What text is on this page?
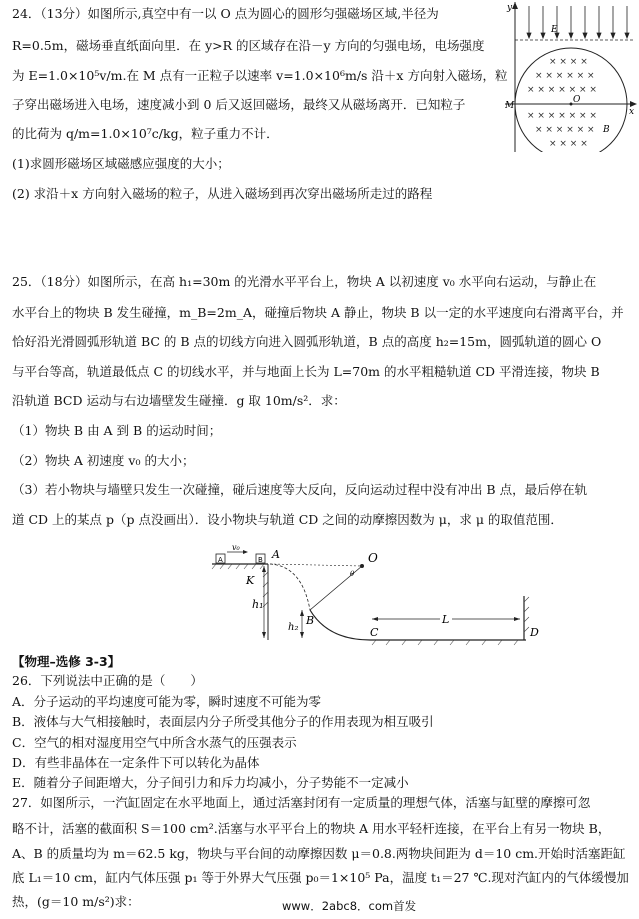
24．（13分）如图所示,真空中有一以 O 点为圆心的圆形匀强磁场区域,半径为
R=0.5m，磁场垂直纸面向里．在 y>R 的区域存在沿－y 方向的匀强电场，电场强度
为 E=1.0×10⁵v/m.在 M 点有一正粒子以速率 v=1.0×10⁶m/s 沿＋x 方向射入磁场，粒
子穿出磁场进入电场，速度减小到 0 后又返回磁场，最终又从磁场离开．已知粒子
的比荷为 q/m=1.0×10⁷c/kg，粒子重力不计．
(1)求圆形磁场区域磁感应强度的大小；
(2) 求沿＋x 方向射入磁场的粒子，从进入磁场到再次穿出磁场所走过的路程
× × × ×
× × × × × ×
× × × × × × ×
× × × × × × ×
× × × × × ×
× × × ×
y
x
E
M
O
B
25．（18分）如图所示，在高 h₁=30m 的光滑水平平台上，物块 A 以初速度 v₀ 水平向右运动，与静止在
水平台上的物块 B 发生碰撞，m_B=2m_A，碰撞后物块 A 静止，物块 B 以一定的水平速度向右滑离平台，并
恰好沿光滑圆弧形轨道 BC 的 B 点的切线方向进入圆弧形轨道，B 点的高度 h₂=15m，圆弧轨道的圆心 O
与平台等高，轨道最低点 C 的切线水平，并与地面上长为 L=70m 的水平粗糙轨道 CD 平滑连接，物块 B
沿轨道 BCD 运动与右边墙壁发生碰撞．g 取 10m/s²．求：
（1）物块 B 由 A 到 B 的运动时间；
（2）物块 A 初速度 v₀ 的大小；
（3）若小物块与墙壁只发生一次碰撞，碰后速度等大反向，反向运动过程中没有冲出 B 点，最后停在轨
道 CD 上的某点 p（p 点没画出）．设小物块与轨道 CD 之间的动摩擦因数为 μ，求 μ 的取值范围．
A	B
v₀
A
K
O
θ
B
C	D
L
h₁
h₂
【物理–选修 3-3】
26．下列说法中正确的是（　　）
A．分子运动的平均速度可能为零，瞬时速度不可能为零
B．液体与大气相接触时，表面层内分子所受其他分子的作用表现为相互吸引
C．空气的相对湿度用空气中所含水蒸气的压强表示
D．有些非晶体在一定条件下可以转化为晶体
E．随着分子间距增大，分子间引力和斥力均减小，分子势能不一定减小
27．如图所示，一汽缸固定在水平地面上，通过活塞封闭有一定质量的理想气体，活塞与缸壁的摩擦可忽
略不计，活塞的截面积 S＝100 cm².活塞与水平平台上的物块 A 用水平轻杆连接，在平台上有另一物块 B，
A、B 的质量均为 m＝62.5 kg，物块与平台间的动摩擦因数 μ＝0.8.两物块间距为 d＝10 cm.开始时活塞距缸
底 L₁＝10 cm，缸内气体压强 p₁ 等于外界大气压强 p₀＝1×10⁵ Pa，温度 t₁＝27 ℃.现对汽缸内的气体缓慢加
热，(g＝10 m/s²)求：	www．2abc8．com首发
